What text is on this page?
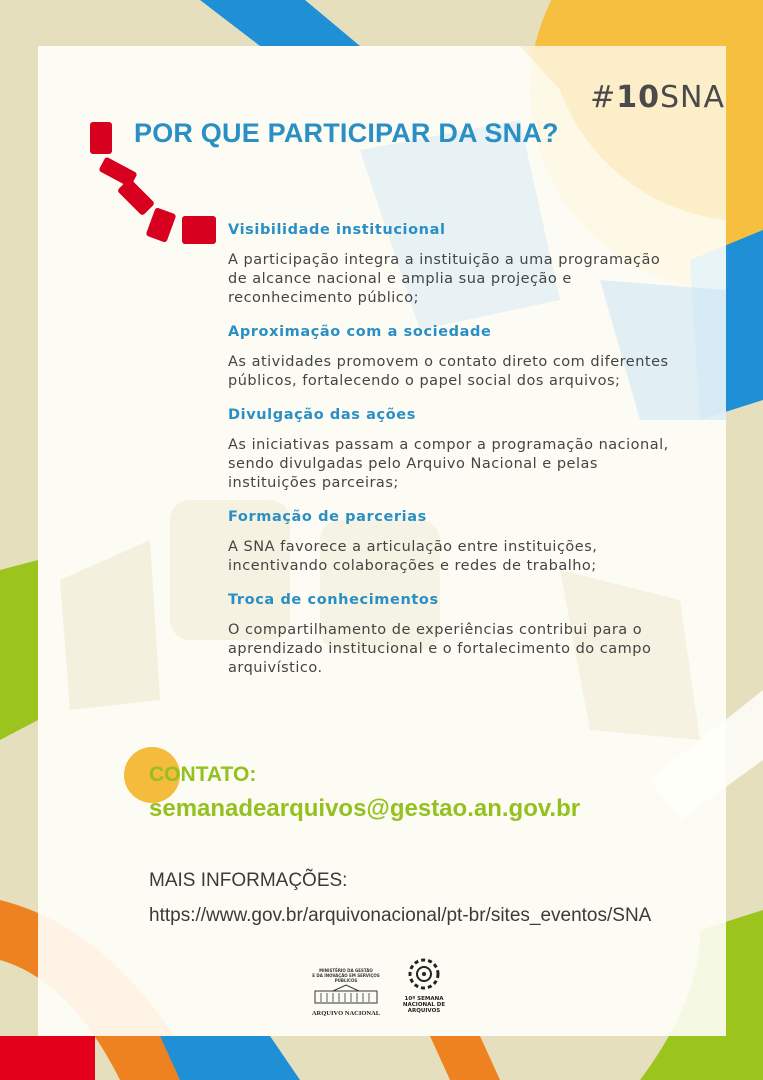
#10SNA
POR QUE PARTICIPAR DA SNA?
Visibilidade institucional

A participação integra a instituição a uma programação
de alcance nacional e amplia sua projeção e
reconhecimento público;

Aproximação com a sociedade

As atividades promovem o contato direto com diferentes
públicos, fortalecendo o papel social dos arquivos;

Divulgação das ações

As iniciativas passam a compor a programação nacional,
sendo divulgadas pelo Arquivo Nacional e pelas
instituições parceiras;

Formação de parcerias

A SNA favorece a articulação entre instituições,
incentivando colaborações e redes de trabalho;

Troca de conhecimentos

O compartilhamento de experiências contribui para o
aprendizado institucional e o fortalecimento do campo
arquivístico.

CONTATO:
semanadearquivos@gestao.an.gov.br
MAIS INFORMAÇÕES:
https://www.gov.br/arquivonacional/pt-br/sites_eventos/SNA
MINISTÉRIO DA GESTÃO
E DA INOVAÇÃO EM SERVIÇOS PÚBLICOS
ARQUIVO NACIONAL
10ª SEMANA
NACIONAL DE
ARQUIVOS
